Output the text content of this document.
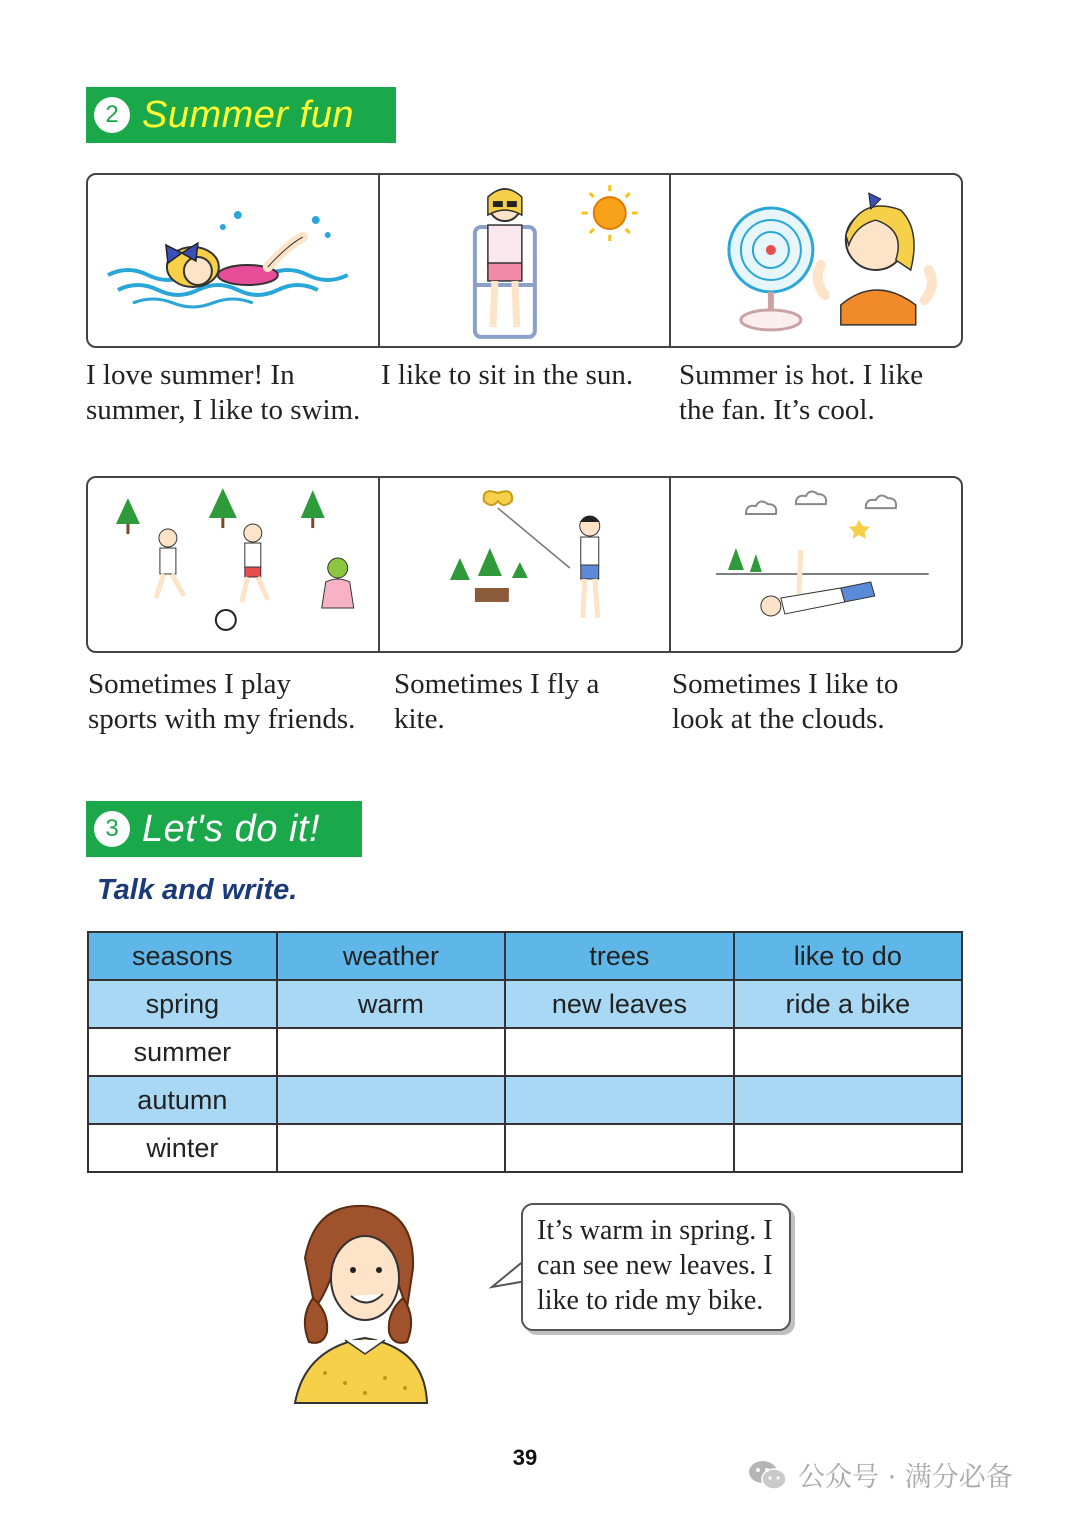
2 Summer fun

I love summer! In
summer, I like to swim.

I like to sit in the sun. Summer is hot. I like
the fan. It’s cool.

Sometimes I play
sports with my friends.

Sometimes I fly a
kite.

Sometimes I like to
look at the clouds.

3 Let's do it!

Talk and write.

seasons	weather	trees	like to do
spring	warm	new leaves	ride a bike
summer			
autumn			
winter			
It’s warm in spring. I
can see new leaves. I
like to ride my bike.
39
公众号 · 满分必备
